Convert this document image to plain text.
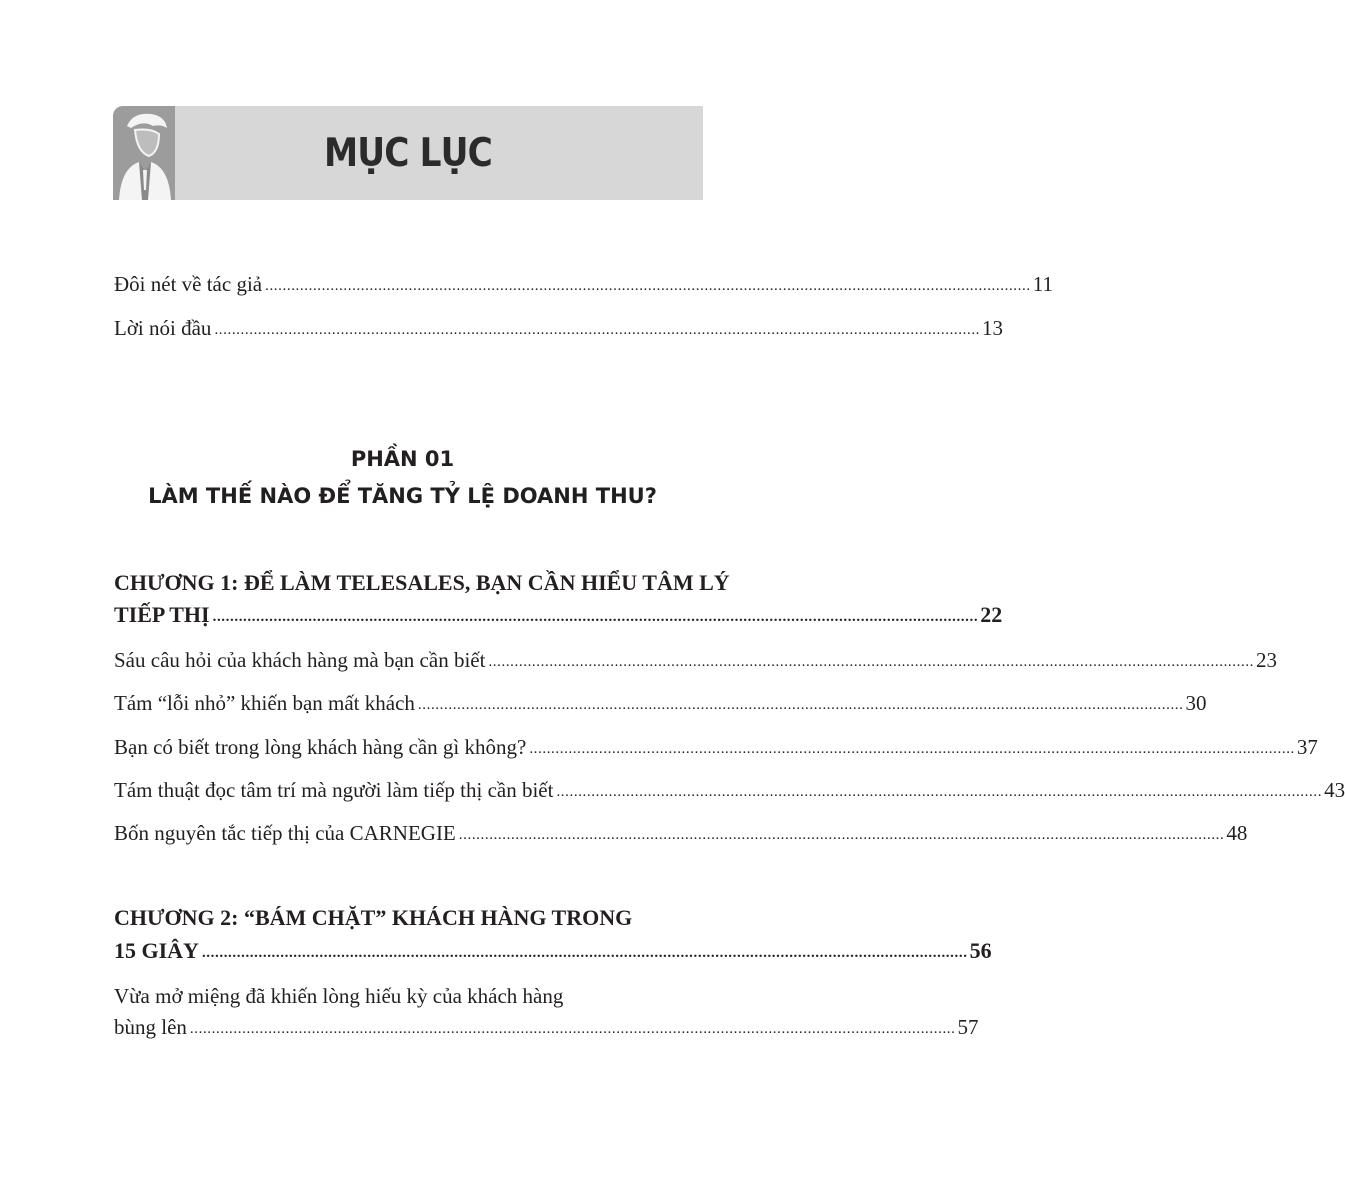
MỤC LỤC
Đôi nét về tác giả ................................................................................................................................................................................ 11
Lời nói đầu ................................................................................................................................................................................ 13
PHẦN 01
LÀM THẾ NÀO ĐỂ TĂNG TỶ LỆ DOANH THU?
CHƯƠNG 1: ĐỂ LÀM TELESALES, BẠN CẦN HIỂU TÂM LÝ
TIẾP THỊ ................................................................................................................................................................................ 22
Sáu câu hỏi của khách hàng mà bạn cần biết ................................................................................................................................................................................ 23
Tám “lỗi nhỏ” khiến bạn mất khách ................................................................................................................................................................................ 30
Bạn có biết trong lòng khách hàng cần gì không? ................................................................................................................................................................................ 37
Tám thuật đọc tâm trí mà người làm tiếp thị cần biết ................................................................................................................................................................................ 43
Bốn nguyên tắc tiếp thị của CARNEGIE ................................................................................................................................................................................ 48
CHƯƠNG 2: “BÁM CHẶT” KHÁCH HÀNG TRONG
15 GIÂY ................................................................................................................................................................................ 56
Vừa mở miệng đã khiến lòng hiếu kỳ của khách hàng
bùng lên ................................................................................................................................................................................ 57
